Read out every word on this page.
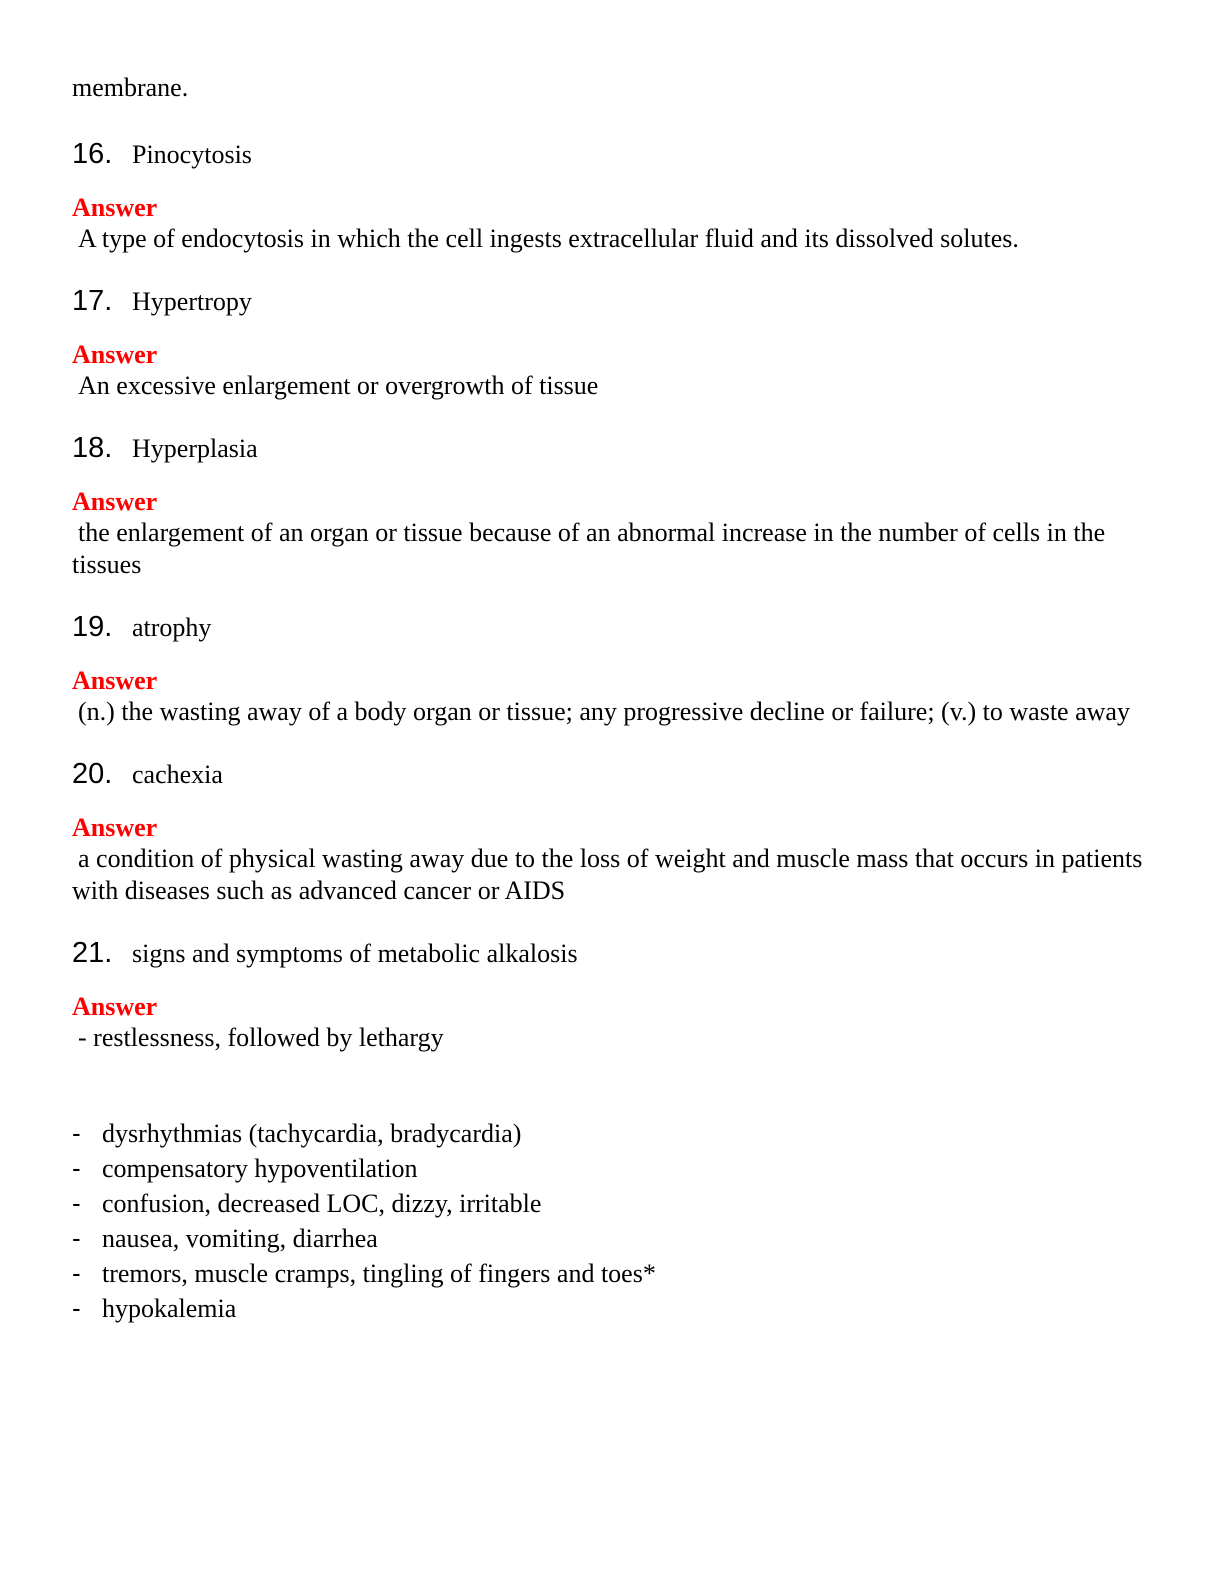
membrane.

16. Pinocytosis

Answer

A type of endocytosis in which the cell ingests extracellular fluid and its dissolved solutes.

17. Hypertropy

Answer

An excessive enlargement or overgrowth of tissue

18. Hyperplasia

Answer

the enlargement of an organ or tissue because of an abnormal increase in the number of cells in the tissues

19. atrophy

Answer

(n.) the wasting away of a body organ or tissue; any progressive decline or failure; (v.) to waste away

20. cachexia

Answer

a condition of physical wasting away due to the loss of weight and muscle mass that occurs in patients with diseases such as advanced cancer or AIDS

21. signs and symptoms of metabolic alkalosis

Answer

- restlessness, followed by lethargy

- dysrhythmias (tachycardia, bradycardia)
- compensatory hypoventilation
- confusion, decreased LOC, dizzy, irritable
- nausea, vomiting, diarrhea
- tremors, muscle cramps, tingling of fingers and toes*
- hypokalemia
